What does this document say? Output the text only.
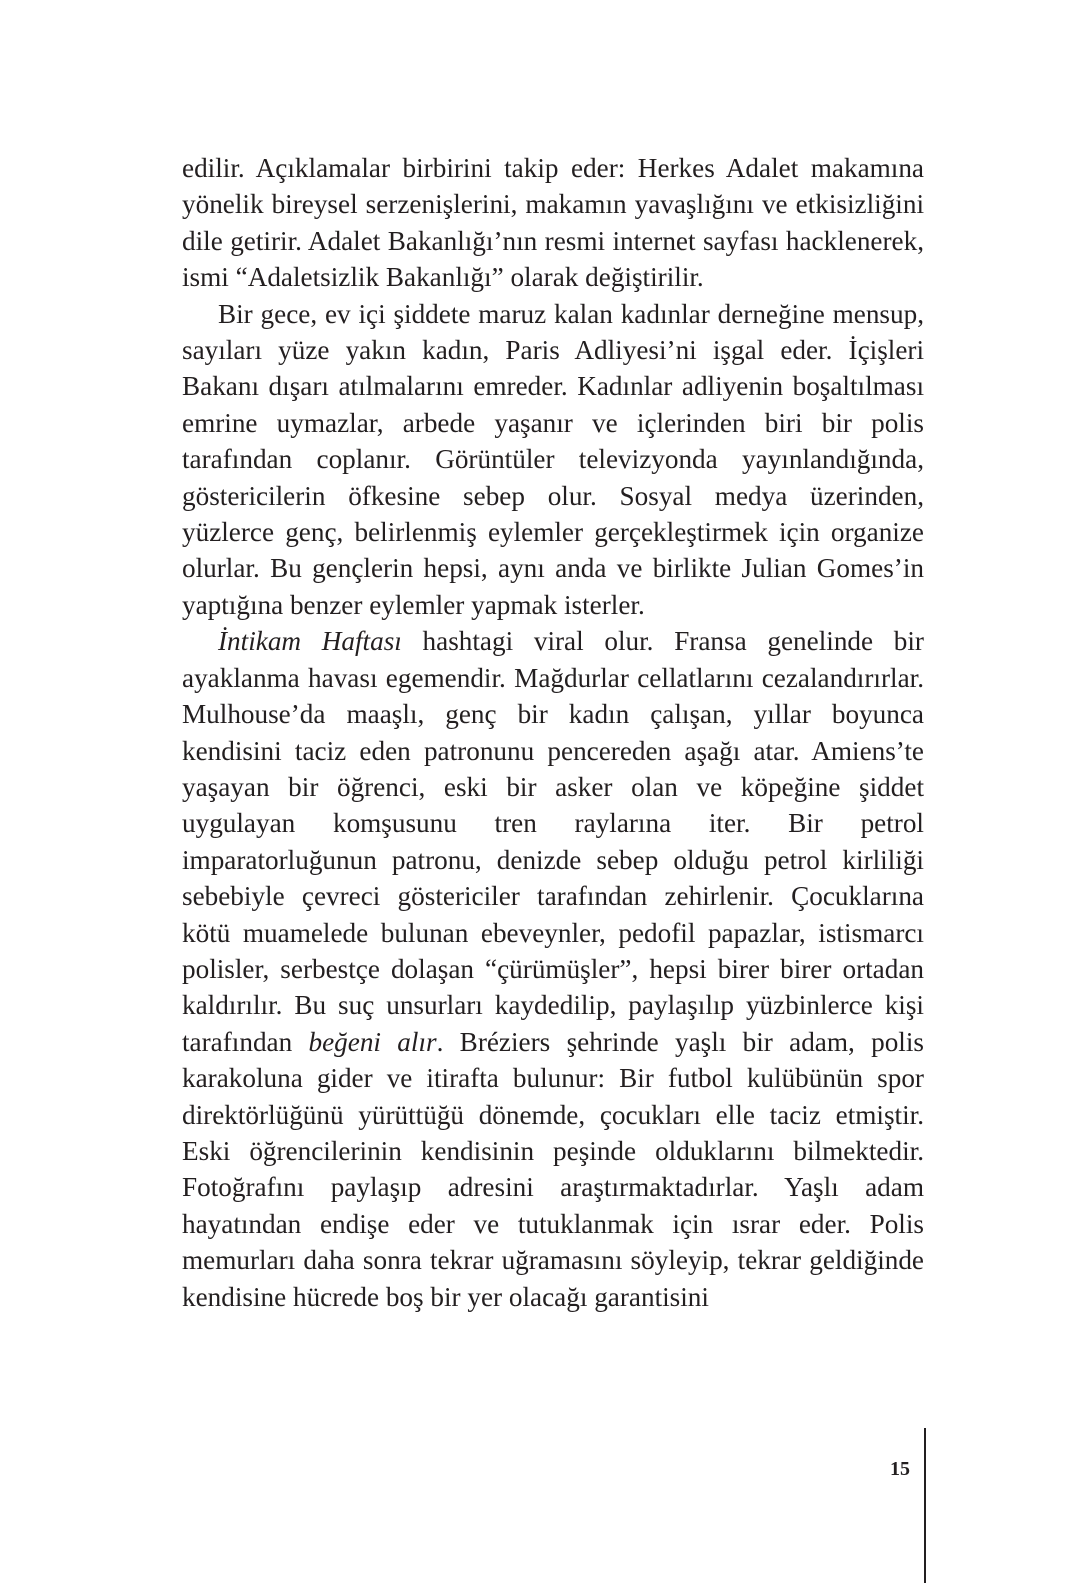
edilir. Açıklamalar birbirini takip eder: Herkes Adalet makamına yönelik bireysel serzenişlerini, makamın yavaşlığını ve etkisizliğini dile getirir. Adalet Bakanlığı’nın resmi internet sayfası hacklenerek, ismi “Adaletsizlik Bakanlığı” olarak değiştirilir.

Bir gece, ev içi şiddete maruz kalan kadınlar derneğine mensup, sayıları yüze yakın kadın, Paris Adliyesi’ni işgal eder. İçişleri Bakanı dışarı atılmalarını emreder. Kadınlar adliyenin boşaltılması emrine uymazlar, arbede yaşanır ve içlerinden biri bir polis tarafından coplanır. Görüntüler televizyonda yayınlandığında, göstericilerin öfkesine sebep olur. Sosyal medya üzerinden, yüzlerce genç, belirlenmiş eylemler gerçekleştirmek için organize olurlar. Bu gençlerin hepsi, aynı anda ve birlikte Julian Gomes’in yaptığına benzer eylemler yapmak isterler.

İntikam Haftası hashtagi viral olur. Fransa genelinde bir ayaklanma havası egemendir. Mağdurlar cellatlarını cezalandırırlar. Mulhouse’da maaşlı, genç bir kadın çalışan, yıllar boyunca kendisini taciz eden patronunu pencereden aşağı atar. Amiens’te yaşayan bir öğrenci, eski bir asker olan ve köpeğine şiddet uygulayan komşusunu tren raylarına iter. Bir petrol imparatorluğunun patronu, denizde sebep olduğu petrol kirliliği sebebiyle çevreci göstericiler tarafından zehirlenir. Çocuklarına kötü muamelede bulunan ebeveynler, pedofil papazlar, istismarcı polisler, serbestçe dolaşan “çürümüşler”, hepsi birer birer ortadan kaldırılır. Bu suç unsurları kaydedilip, paylaşılıp yüzbinlerce kişi tarafından beğeni alır. Bréziers şehrinde yaşlı bir adam, polis karakoluna gider ve itirafta bulunur: Bir futbol kulübünün spor direktörlüğünü yürüttüğü dönemde, çocukları elle taciz etmiştir. Eski öğrencilerinin kendisinin peşinde olduklarını bilmektedir. Fotoğrafını paylaşıp adresini araştırmaktadırlar. Yaşlı adam hayatından endişe eder ve tutuklanmak için ısrar eder. Polis memurları daha sonra tekrar uğramasını söyleyip, tekrar geldiğinde kendisine hücrede boş bir yer olacağı garantisini

15
